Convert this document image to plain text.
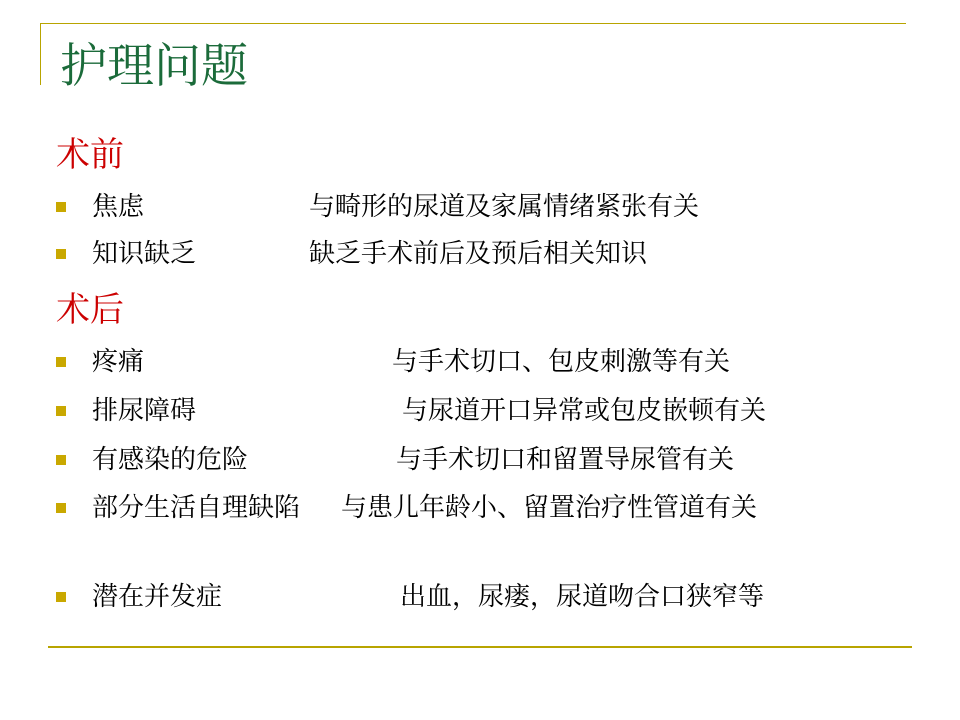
护理问题
术前
焦虑	与畸形的尿道及家属情绪紧张有关
知识缺乏	缺乏手术前后及预后相关知识
术后
疼痛	与手术切口、包皮刺激等有关
排尿障碍	与尿道开口异常或包皮嵌顿有关
有感染的危险	与手术切口和留置导尿管有关
部分生活自理缺陷 与患儿年龄小、留置治疗性管道有关
潜在并发症	出血，尿瘘，尿道吻合口狭窄等
